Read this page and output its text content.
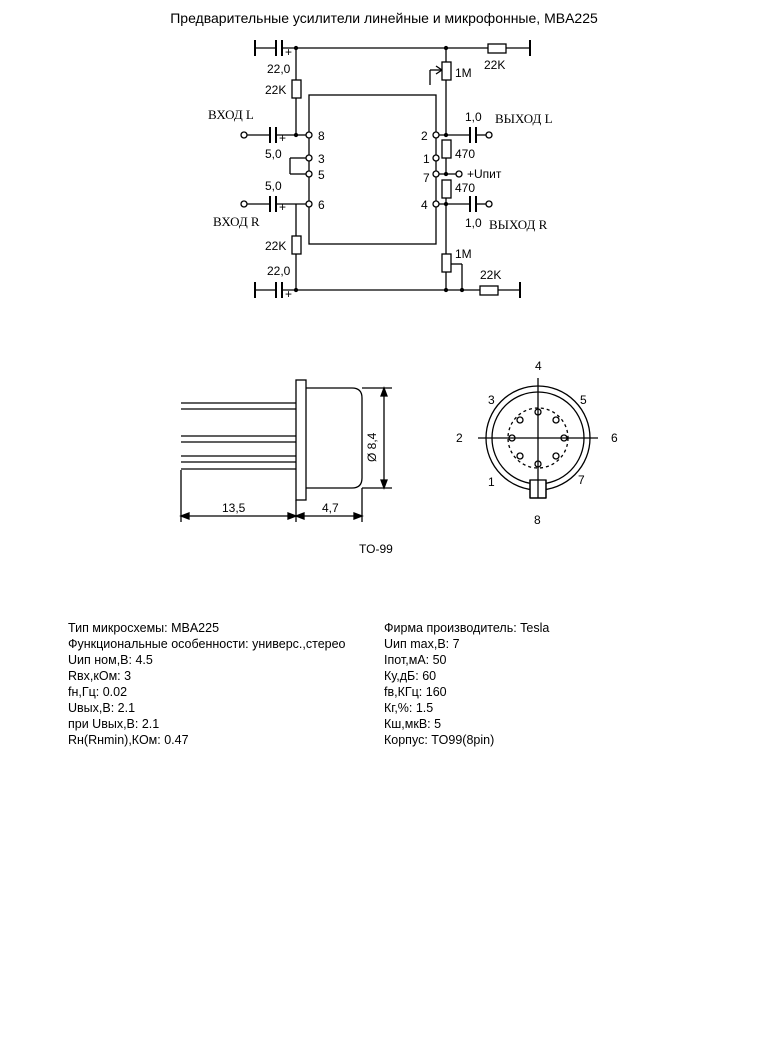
Предварительные усилители линейные и микрофонные, MBA225
22,0
+
22K
22K
1M
ВХОД L
5,0
+
5,0
+
ВХОД R
22K
22,0
+
8
3
5
6
2
1
7
4
1,0 ВЫХОД L
470
+Uпит
470
1,0 ВЫХОД R
1M
22K
13,5	4,7
Ø 8,4
TO-99
4
5
6
7
8
1
2
3
Тип микросхемы: MBA225
Функциональные особенности: универс.,стерео
Uип ном,В: 4.5
Rвх,кОм: 3
fн,Гц: 0.02
Uвых,В: 2.1
при Uвых,В: 2.1
Rн(Rнmin),КОм: 0.47
Фирма производитель: Tesla
Uип max,В: 7
Iпот,мА: 50
Ку,дБ: 60
fв,КГц: 160
Кг,%: 1.5
Кш,мкВ: 5
Корпус: TO99(8pin)
